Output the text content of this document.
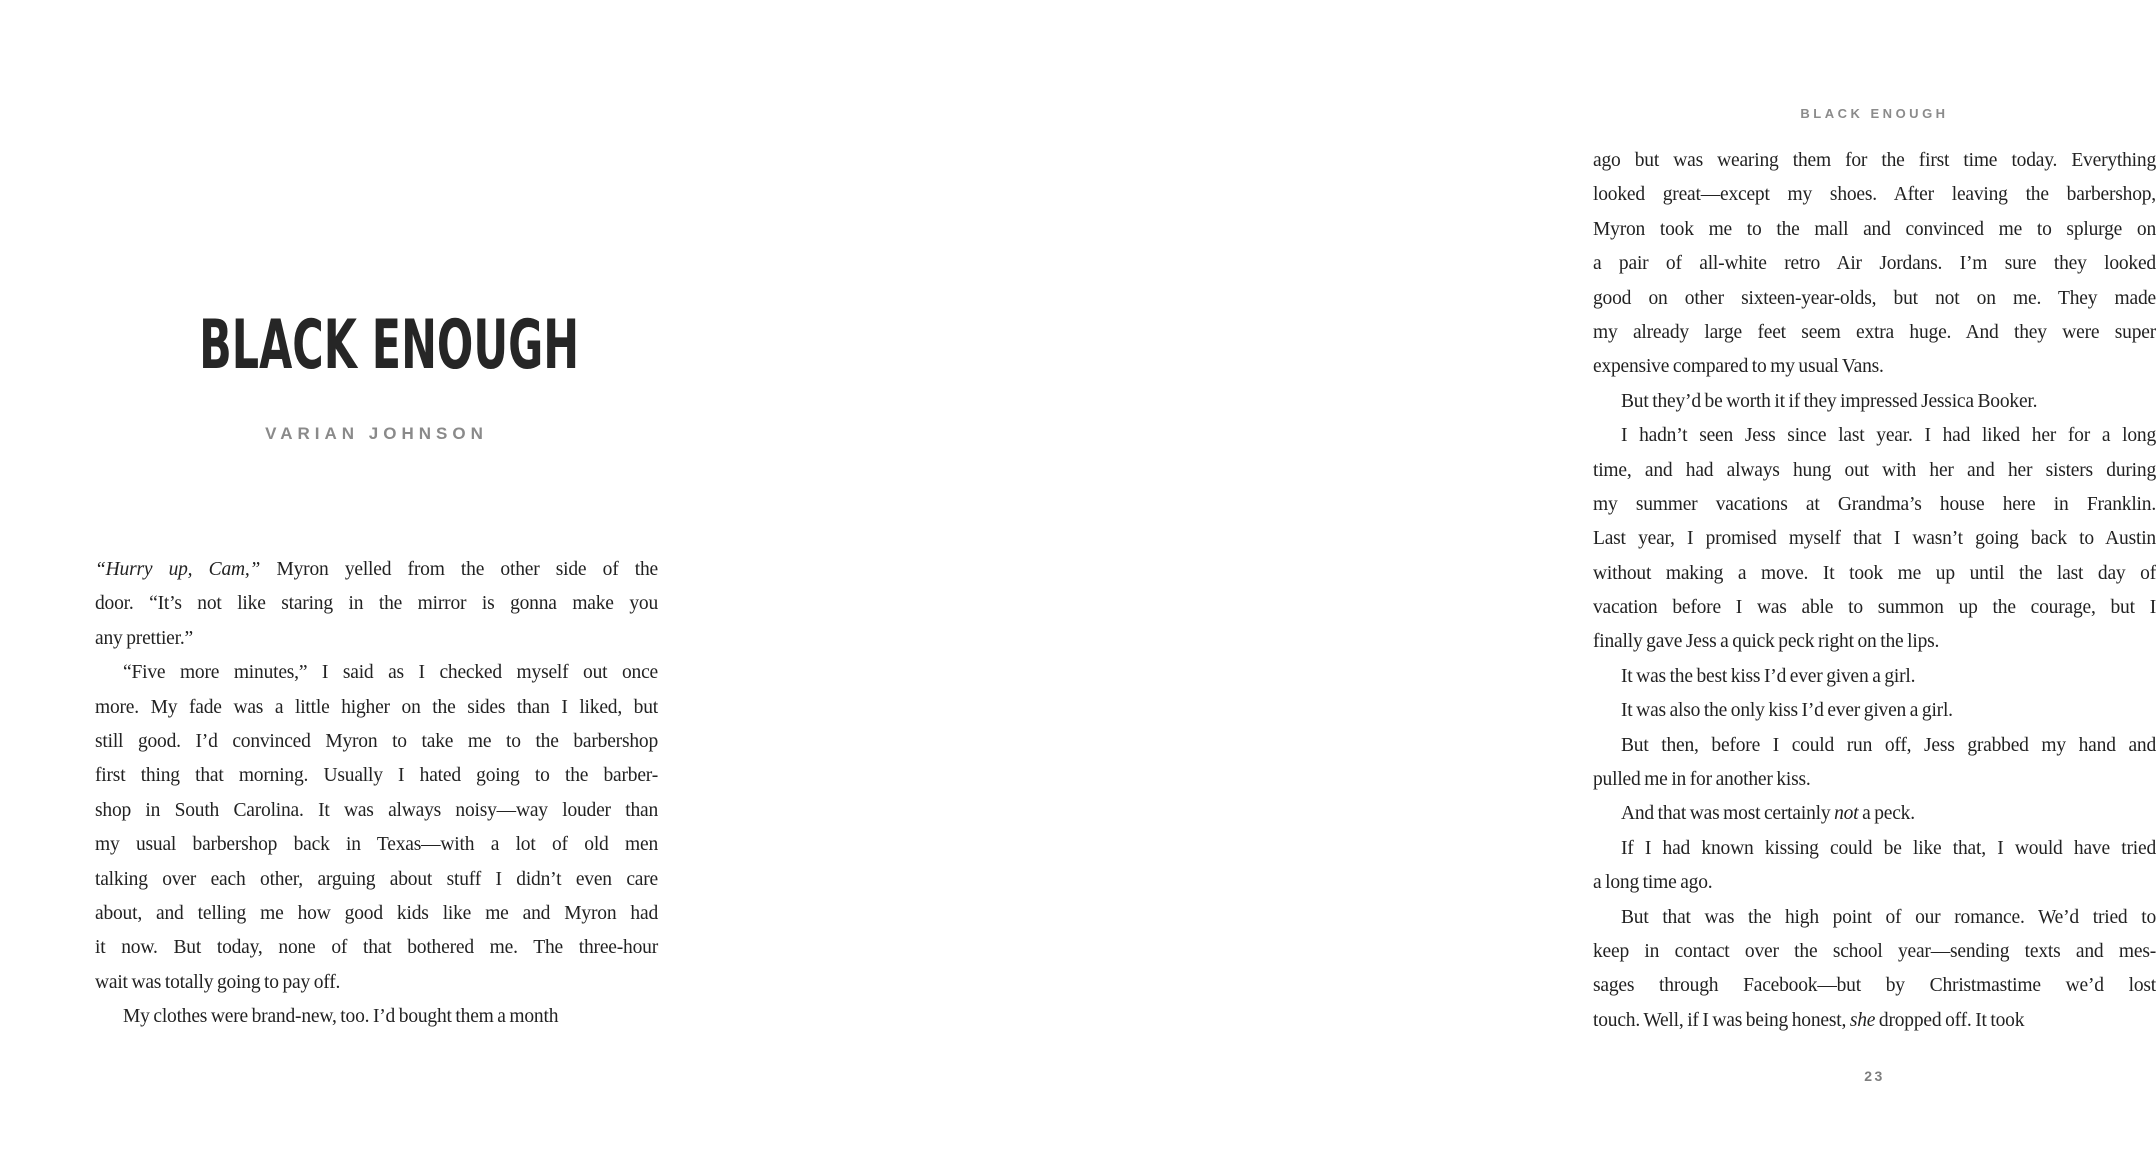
BLACK ENOUGH
VARIAN JOHNSON
“Hurry up, Cam,” Myron yelled from the other side of the
door. “It’s not like staring in the mirror is gonna make you
any prettier.”
“Five more minutes,” I said as I checked myself out once
more. My fade was a little higher on the sides than I liked, but
still good. I’d convinced Myron to take me to the barbershop
first thing that morning. Usually I hated going to the barber-
shop in South Carolina. It was always noisy—way louder than
my usual barbershop back in Texas—with a lot of old men
talking over each other, arguing about stuff I didn’t even care
about, and telling me how good kids like me and Myron had
it now. But today, none of that bothered me. The three-hour
wait was totally going to pay off.
My clothes were brand-new, too. I’d bought them a month
BLACK ENOUGH
ago but was wearing them for the first time today. Everything
looked great—except my shoes. After leaving the barbershop,
Myron took me to the mall and convinced me to splurge on
a pair of all-white retro Air Jordans. I’m sure they looked
good on other sixteen-year-olds, but not on me. They made
my already large feet seem extra huge. And they were super
expensive compared to my usual Vans.
But they’d be worth it if they impressed Jessica Booker.
I hadn’t seen Jess since last year. I had liked her for a long
time, and had always hung out with her and her sisters during
my summer vacations at Grandma’s house here in Franklin.
Last year, I promised myself that I wasn’t going back to Austin
without making a move. It took me up until the last day of
vacation before I was able to summon up the courage, but I
finally gave Jess a quick peck right on the lips.
It was the best kiss I’d ever given a girl.
It was also the only kiss I’d ever given a girl.
But then, before I could run off, Jess grabbed my hand and
pulled me in for another kiss.
And that was most certainly not a peck.
If I had known kissing could be like that, I would have tried
a long time ago.
But that was the high point of our romance. We’d tried to
keep in contact over the school year—sending texts and mes-
sages through Facebook—but by Christmastime we’d lost
touch. Well, if I was being honest, she dropped off. It took
23
